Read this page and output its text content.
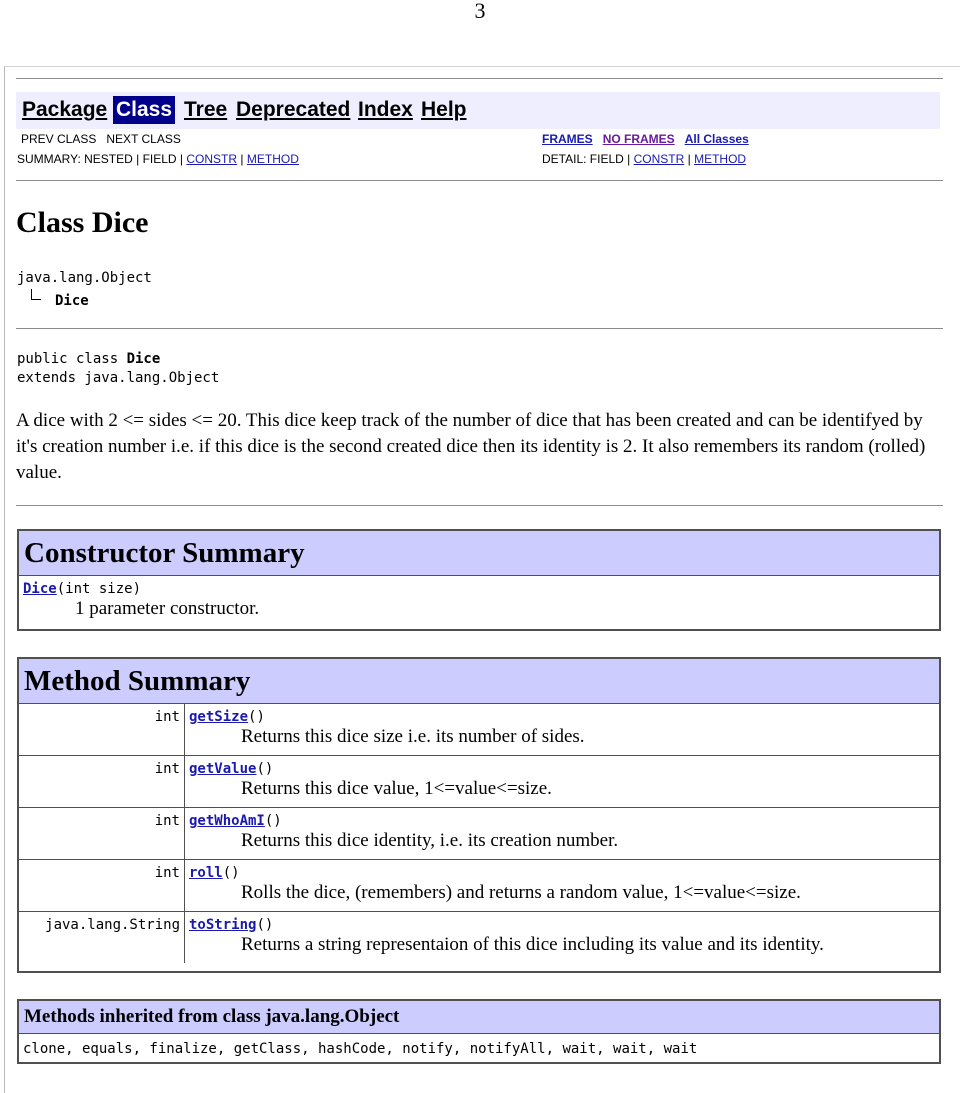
3
Package Class Tree Deprecated Index Help
PREV CLASS NEXT CLASS
SUMMARY: NESTED | FIELD | CONSTR | METHOD
FRAMES NO FRAMES All Classes
DETAIL: FIELD | CONSTR | METHOD
Class Dice
java.lang.Object
Dice
public class Dice
extends java.lang.Object
A dice with 2 <= sides <= 20. This dice keep track of the number of dice that has been created and can be identifyed by it's creation number i.e. if this dice is the second created dice then its identity is 2. It also remembers its random (rolled) value.
Constructor Summary
Dice(int size)
1 parameter constructor.
Method Summary
int getSize()
Returns this dice size i.e. its number of sides.
int getValue()
Returns this dice value, 1<=value<=size.
int getWhoAmI()
Returns this dice identity, i.e. its creation number.
int roll()
Rolls the dice, (remembers) and returns a random value, 1<=value<=size.
java.lang.String toString()
Returns a string representaion of this dice including its value and its identity.
Methods inherited from class java.lang.Object
clone, equals, finalize, getClass, hashCode, notify, notifyAll, wait, wait, wait
